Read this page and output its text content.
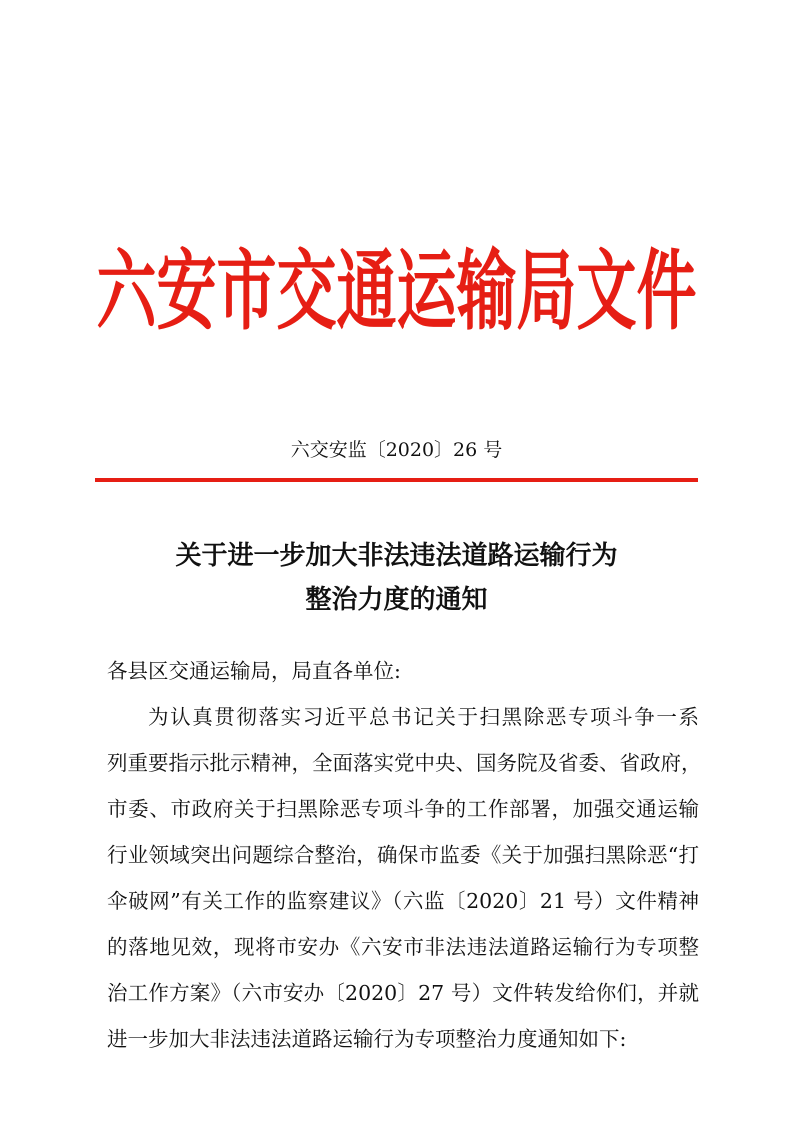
六安市交通运输局文件
六交安监〔2020〕26 号
关于进一步加大非法违法道路运输行为
整治力度的通知
各县区交通运输局，局直各单位:
为认真贯彻落实习近平总书记关于扫黑除恶专项斗争一系
列重要指示批示精神，全面落实党中央、国务院及省委、省政府，
市委、市政府关于扫黑除恶专项斗争的工作部署，加强交通运输
行业领域突出问题综合整治，确保市监委《关于加强扫黑除恶“打
伞破网”有关工作的监察建议》（六监〔2020〕21 号）文件精神
的落地见效，现将市安办《六安市非法违法道路运输行为专项整
治工作方案》（六市安办〔2020〕27 号）文件转发给你们，并就
进一步加大非法违法道路运输行为专项整治力度通知如下:
